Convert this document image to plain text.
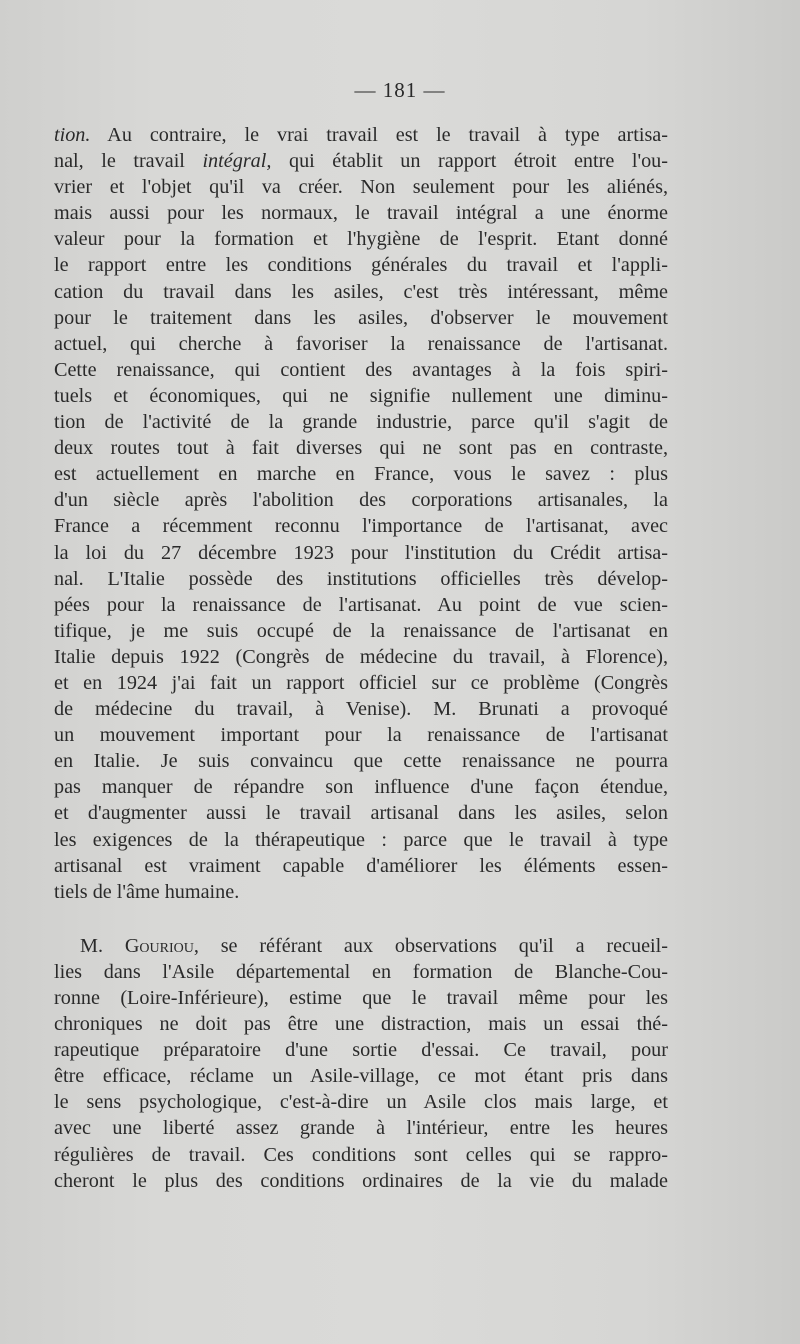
— 181 —
tion. Au contraire, le vrai travail est le travail à type artisa-
nal, le travail intégral, qui établit un rapport étroit entre l'ou-
vrier et l'objet qu'il va créer. Non seulement pour les aliénés,
mais aussi pour les normaux, le travail intégral a une énorme
valeur pour la formation et l'hygiène de l'esprit. Etant donné
le rapport entre les conditions générales du travail et l'appli-
cation du travail dans les asiles, c'est très intéressant, même
pour le traitement dans les asiles, d'observer le mouvement
actuel, qui cherche à favoriser la renaissance de l'artisanat.
Cette renaissance, qui contient des avantages à la fois spiri-
tuels et économiques, qui ne signifie nullement une diminu-
tion de l'activité de la grande industrie, parce qu'il s'agit de
deux routes tout à fait diverses qui ne sont pas en contraste,
est actuellement en marche en France, vous le savez : plus
d'un siècle après l'abolition des corporations artisanales, la
France a récemment reconnu l'importance de l'artisanat, avec
la loi du 27 décembre 1923 pour l'institution du Crédit artisa-
nal. L'Italie possède des institutions officielles très dévelop-
pées pour la renaissance de l'artisanat. Au point de vue scien-
tifique, je me suis occupé de la renaissance de l'artisanat en
Italie depuis 1922 (Congrès de médecine du travail, à Florence),
et en 1924 j'ai fait un rapport officiel sur ce problème (Congrès
de médecine du travail, à Venise). M. Brunati a provoqué
un mouvement important pour la renaissance de l'artisanat
en Italie. Je suis convaincu que cette renaissance ne pourra
pas manquer de répandre son influence d'une façon étendue,
et d'augmenter aussi le travail artisanal dans les asiles, selon
les exigences de la thérapeutique : parce que le travail à type
artisanal est vraiment capable d'améliorer les éléments essen-
tiels de l'âme humaine.
M. Gouriou, se référant aux observations qu'il a recueil-
lies dans l'Asile départemental en formation de Blanche-Cou-
ronne (Loire-Inférieure), estime que le travail même pour les
chroniques ne doit pas être une distraction, mais un essai thé-
rapeutique préparatoire d'une sortie d'essai. Ce travail, pour
être efficace, réclame un Asile-village, ce mot étant pris dans
le sens psychologique, c'est-à-dire un Asile clos mais large, et
avec une liberté assez grande à l'intérieur, entre les heures
régulières de travail. Ces conditions sont celles qui se rappro-
cheront le plus des conditions ordinaires de la vie du malade
